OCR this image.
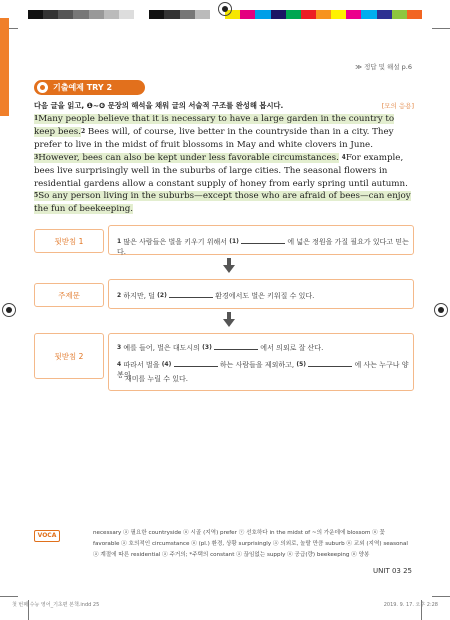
≫ 정답 및 해설 p.6
기출예제 TRY 2
다음 글을 읽고, ❶~❻ 문장의 해석을 채워 글의 서술적 구조를 완성해 봅시다.	[모의 응용]
1Many people believe that it is necessary to have a large garden in the country to keep bees.2 Bees will, of course, live better in the countryside than in a city. They prefer to live in the midst of fruit blossoms in May and white clovers in June. 3However, bees can also be kept under less favorable circumstances. 4For example, bees live surprisingly well in the suburbs of large cities. The seasonal flowers in residential gardens allow a constant supply of honey from early spring until autumn. 5So any person living in the suburbs—except those who are afraid of bees—can enjoy the fun of beekeeping.
뒷받침 1	1 많은 사람들은 벌을 키우기 위해서 $^{(1)}$	에 넓은 정원을 가질 필요가 있다고 믿는다.
주제문	2 하지만, 덜 $^{(2)}$	환경에서도 벌은 키워질 수 있다.
뒷받침 2
3 예를 들어, 벌은 대도시의 $^{(3)}$	에서 의외로 잘 산다.
4 따라서 벌을 $^{(4)}$	하는 사람들을 제외하고, $^{(5)}$	에 사는 누구나 양봉의
재미를 누릴 수 있다.
VOCA	necessary ⓐ 필요한 countryside ⓝ 시골 (지역) prefer ⓥ 선호하다 in the midst of ~의 가운데에 blossom ⓝ 꽃
favorable ⓐ 호의적인 circumstance ⓝ (pl.) 환경, 상황 surprisingly ⓐ 의외로, 놀랄 만큼 suburb ⓝ 교외 (지역) seasonal
ⓐ 계절에 따른 residential ⓐ 주거의; *주택의 constant ⓐ 끊임없는 supply ⓝ 공급(량) beekeeping ⓝ 양봉
UNIT 03 25
첫 번째 수능 영어_기초편 본책.indd 25	2019. 9. 17. 오후 2:28
